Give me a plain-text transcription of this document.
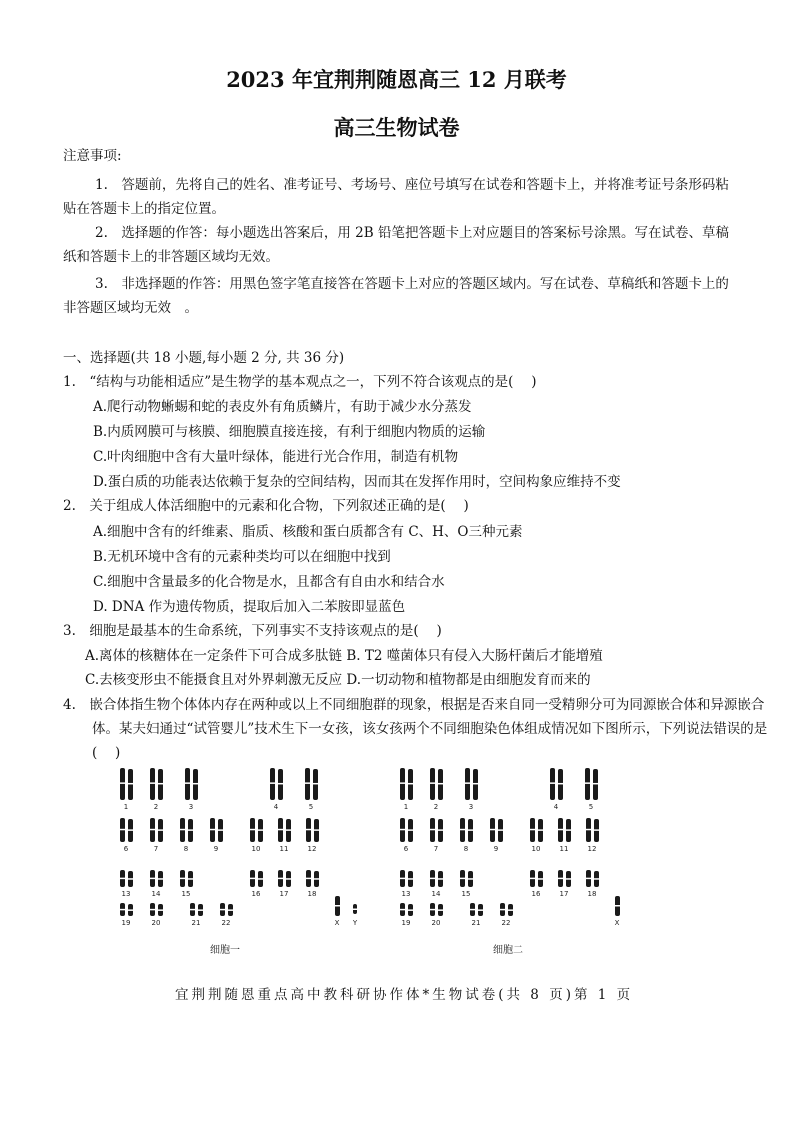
2023 年宜荆荆随恩高三 12 月联考
高三生物试卷
注意事项:
1.　答题前，先将自己的姓名、准考证号、考场号、座位号填写在试卷和答题卡上，并将准考证号条形码粘贴在答题卡上的指定位置。
2.　选择题的作答：每小题选出答案后，用 2B 铅笔把答题卡上对应题目的答案标号涂黑。写在试卷、草稿纸和答题卡上的非答题区域均无效。
3.　非选择题的作答：用黑色签字笔直接答在答题卡上对应的答题区域内。写在试卷、草稿纸和答题卡上的非答题区域均无效　。
一、选择题(共 18 小题,每小题 2 分, 共 36 分)
1.　“结构与功能相适应”是生物学的基本观点之一，下列不符合该观点的是(　 )
A.爬行动物蜥蜴和蛇的表皮外有角质鳞片，有助于减少水分蒸发
B.内质网膜可与核膜、细胞膜直接连接，有利于细胞内物质的运输
C.叶肉细胞中含有大量叶绿体，能进行光合作用，制造有机物
D.蛋白质的功能表达依赖于复杂的空间结构，因而其在发挥作用时，空间构象应维持不变
2.　关于组成人体活细胞中的元素和化合物，下列叙述正确的是(　 )
A.细胞中含有的纤维素、脂质、核酸和蛋白质都含有 C、H、O三种元素
B.无机环境中含有的元素种类均可以在细胞中找到
C.细胞中含量最多的化合物是水，且都含有自由水和结合水
D. DNA 作为遗传物质，提取后加入二苯胺即显蓝色
3.　细胞是最基本的生命系统，下列事实不支持该观点的是(　 )
A.离体的核糖体在一定条件下可合成多肽链 B. T2 噬菌体只有侵入大肠杆菌后才能增殖
C.去核变形虫不能摄食且对外界刺激无反应 D.一切动物和植物都是由细胞发育而来的
4.　嵌合体指生物个体体内存在两种或以上不同细胞群的现象，根据是否来自同一受精卵分可为同源嵌合体和异源嵌合体。某夫妇通过“试管婴儿”技术生下一女孩，该女孩两个不同细胞染色体组成情况如下图所示，下列说法错误的是(　 )
1	2	3	4	5
6	7	8	9	10	11	12
13	14	15	16	17	18
19	20	21	22	X Y
1	2	3	4	5
6	7	8	9	10	11	12
13	14	15	16	17	18
19	20	21	22	X
细胞一	细胞二
宜荆荆随恩重点高中教科研协作体*生物试卷(共 8 页)第 1 页
